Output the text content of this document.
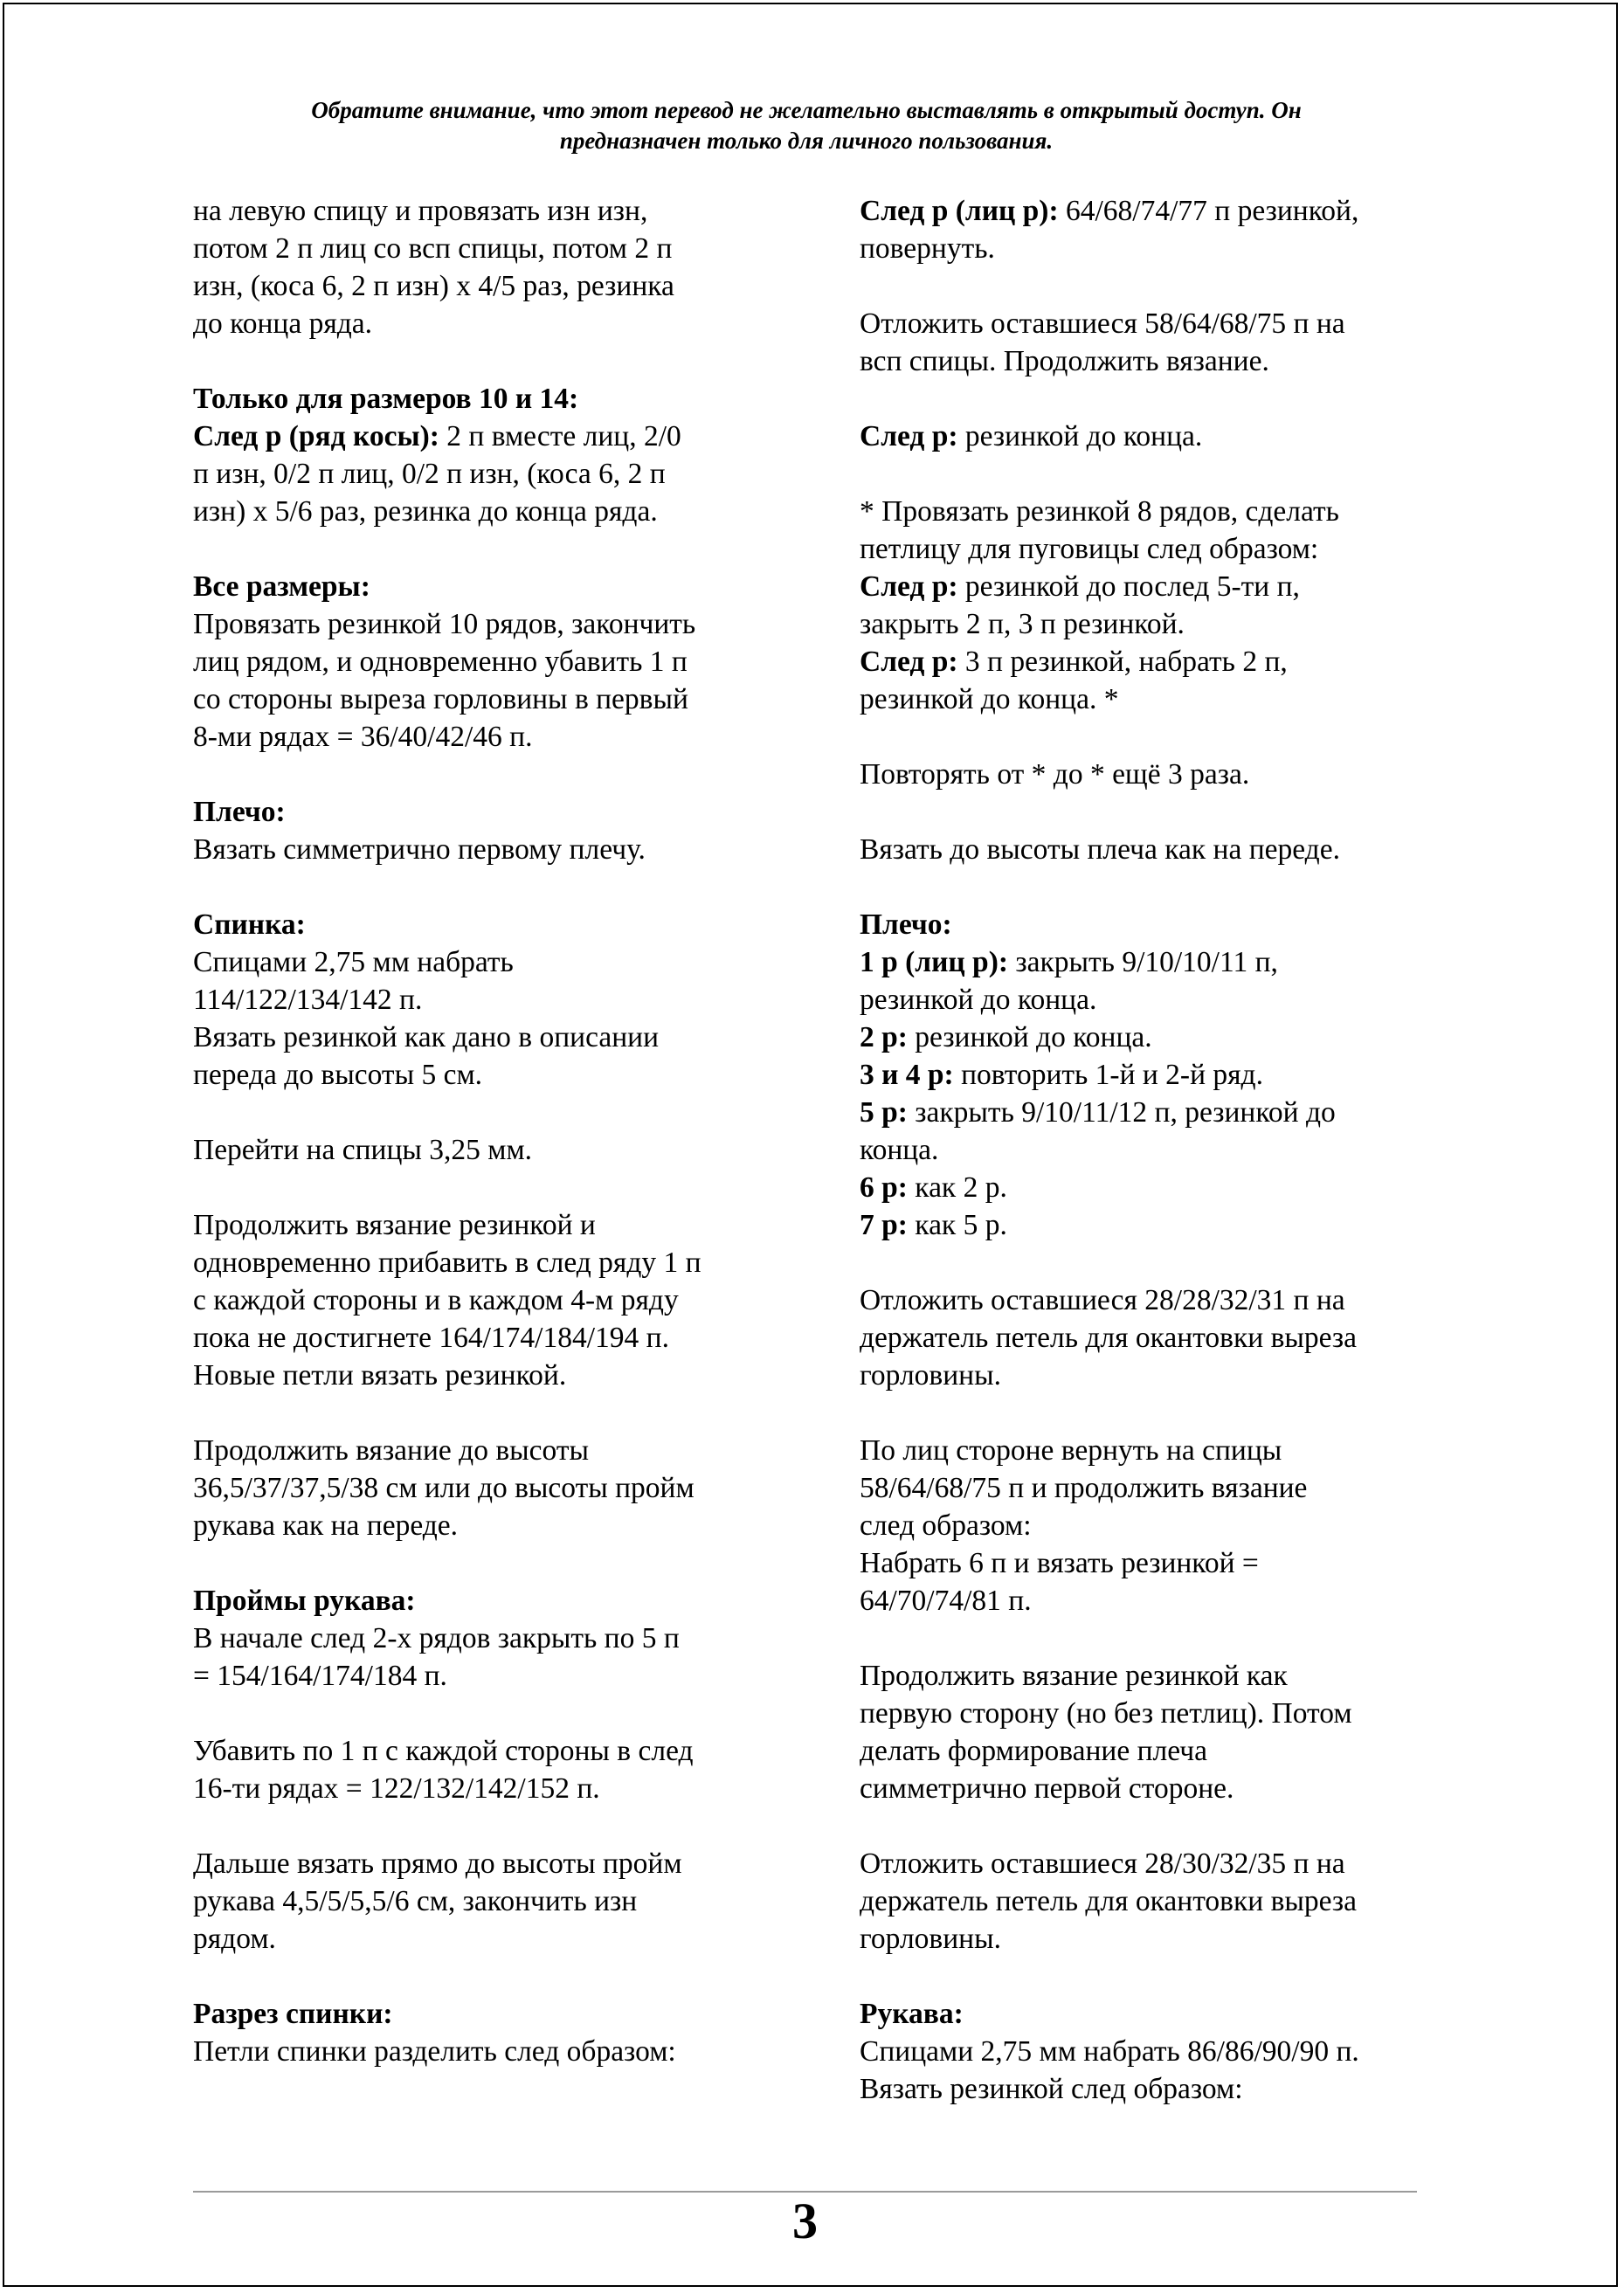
Обратите внимание, что этот перевод не желательно выставлять в открытый доступ. Он
предназначен только для личного пользования.
на левую спицу и провязать изн изн,
потом 2 п лиц со всп спицы, потом 2 п
изн, (коса 6, 2 п изн) х 4/5 раз, резинка
до конца ряда.
Только для размеров 10 и 14:
След р (ряд косы): 2 п вместе лиц, 2/0
п изн, 0/2 п лиц, 0/2 п изн, (коса 6, 2 п
изн) х 5/6 раз, резинка до конца ряда.
Все размеры:
Провязать резинкой 10 рядов, закончить
лиц рядом, и одновременно убавить 1 п
со стороны выреза горловины в первый
8-ми рядах = 36/40/42/46 п.
Плечо:
Вязать симметрично первому плечу.
Спинка:
Спицами 2,75 мм набрать
114/122/134/142 п.
Вязать резинкой как дано в описании
переда до высоты 5 см.
Перейти на спицы 3,25 мм.
Продолжить вязание резинкой и
одновременно прибавить в след ряду 1 п
с каждой стороны и в каждом 4-м ряду
пока не достигнете 164/174/184/194 п.
Новые петли вязать резинкой.
Продолжить вязание до высоты
36,5/37/37,5/38 см или до высоты пройм
рукава как на переде.
Проймы рукава:
В начале след 2-х рядов закрыть по 5 п
= 154/164/174/184 п.
Убавить по 1 п с каждой стороны в след
16-ти рядах = 122/132/142/152 п.
Дальше вязать прямо до высоты пройм
рукава 4,5/5/5,5/6 см, закончить изн
рядом.
Разрез спинки:
Петли спинки разделить след образом:
След р (лиц р): 64/68/74/77 п резинкой,
повернуть.
Отложить оставшиеся 58/64/68/75 п на
всп спицы. Продолжить вязание.
След р: резинкой до конца.
* Провязать резинкой 8 рядов, сделать
петлицу для пуговицы след образом:
След р: резинкой до послед 5-ти п,
закрыть 2 п, 3 п резинкой.
След р: 3 п резинкой, набрать 2 п,
резинкой до конца. *
Повторять от * до * ещё 3 раза.
Вязать до высоты плеча как на переде.
Плечо:
1 р (лиц р): закрыть 9/10/10/11 п,
резинкой до конца.
2 р: резинкой до конца.
3 и 4 р: повторить 1-й и 2-й ряд.
5 р: закрыть 9/10/11/12 п, резинкой до
конца.
6 р: как 2 р.
7 р: как 5 р.
Отложить оставшиеся 28/28/32/31 п на
держатель петель для окантовки выреза
горловины.
По лиц стороне вернуть на спицы
58/64/68/75 п и продолжить вязание
след образом:
Набрать 6 п и вязать резинкой =
64/70/74/81 п.
Продолжить вязание резинкой как
первую сторону (но без петлиц). Потом
делать формирование плеча
симметрично первой стороне.
Отложить оставшиеся 28/30/32/35 п на
держатель петель для окантовки выреза
горловины.
Рукава:
Спицами 2,75 мм набрать 86/86/90/90 п.
Вязать резинкой след образом:
3
